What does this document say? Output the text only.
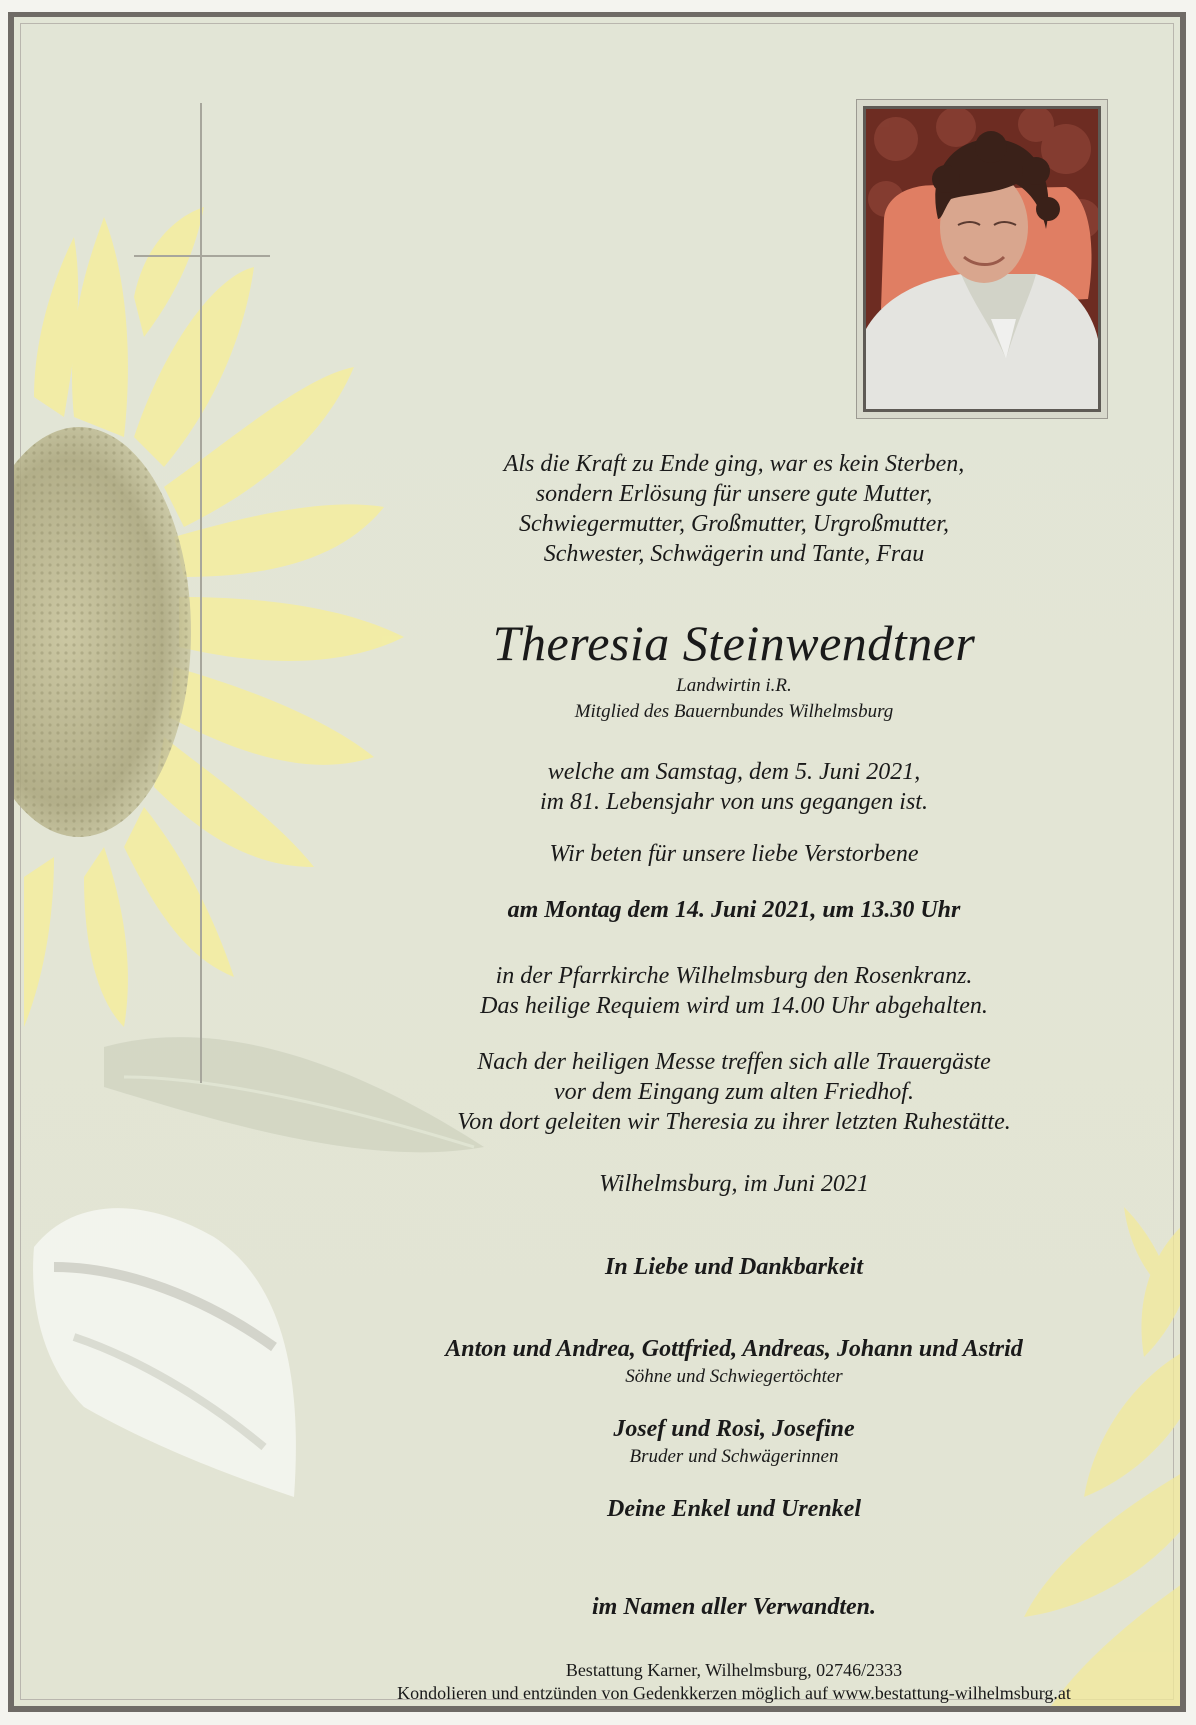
Als die Kraft zu Ende ging, war es kein Sterben,
sondern Erlösung für unsere gute Mutter,
Schwiegermutter, Großmutter, Urgroßmutter,
Schwester, Schwägerin und Tante, Frau
Theresia Steinwendtner
Landwirtin i.R.
Mitglied des Bauernbundes Wilhelmsburg
welche am Samstag, dem 5. Juni 2021,
im 81. Lebensjahr von uns gegangen ist.
Wir beten für unsere liebe Verstorbene
am Montag dem 14. Juni 2021, um 13.30 Uhr
in der Pfarrkirche Wilhelmsburg den Rosenkranz.
Das heilige Requiem wird um 14.00 Uhr abgehalten.
Nach der heiligen Messe treffen sich alle Trauergäste
vor dem Eingang zum alten Friedhof.
Von dort geleiten wir Theresia zu ihrer letzten Ruhestätte.
Wilhelmsburg, im Juni 2021
In Liebe und Dankbarkeit
Anton und Andrea, Gottfried, Andreas, Johann und Astrid
Söhne und Schwiegertöchter
Josef und Rosi, Josefine
Bruder und Schwägerinnen
Deine Enkel und Urenkel
im Namen aller Verwandten.
Bestattung Karner, Wilhelmsburg, 02746/2333
Kondolieren und entzünden von Gedenkkerzen möglich auf www.bestattung-wilhelmsburg.at
